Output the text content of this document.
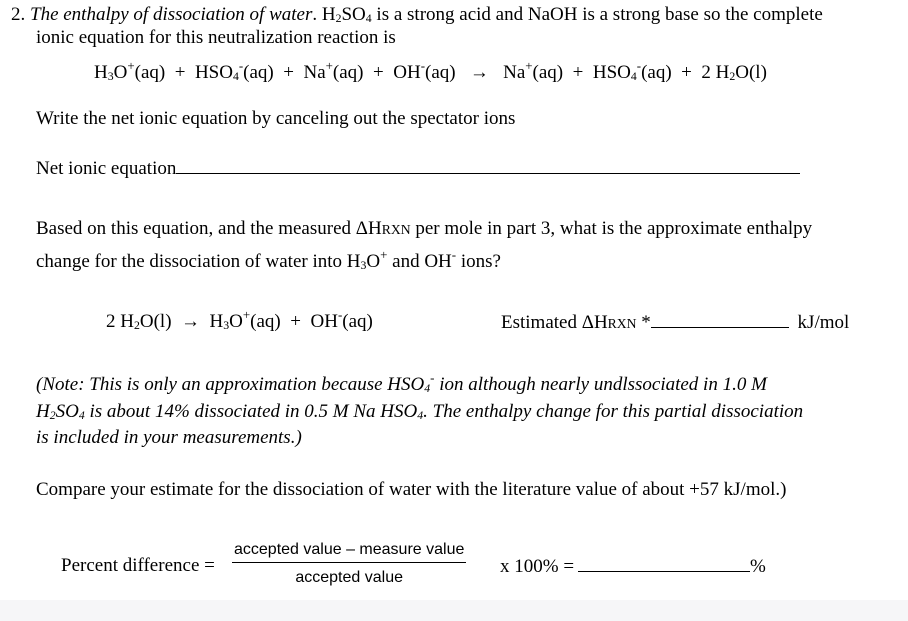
2. The enthalpy of dissociation of water. $H_2SO_4$ is a strong acid and NaOH is a strong base so the complete
ionic equation for this neutralization reaction is
$H_3O^+(aq) + HSO_4^-(aq) + Na^+(aq) + OH^-(aq) \to Na^+(aq) + HSO_4^-(aq) + 2$ $H_2O(l)$
Write the net ionic equation by canceling out the spectator ions
Net ionic equation
Based on this equation, and the measured ΔHRXN per mole in part 3, what is the approximate enthalpy
change for the dissociation of water into $H_3O^+$ and OH- ions?
2 $H_2O(l) \to H_3O^+(aq) + OH^-(aq)$	Estimated ΔHRXN *	kJ/mol
(Note: This is only an approximation because $HSO_4^-$ ion although nearly undlssociated in 1.0 M
$H_2SO_4$ is about 14% dissociated in 0.5 M Na $HSO_4$. The enthalpy change for this partial dissociation
is included in your measurements.)
Compare your estimate for the dissociation of water with the literature value of about +57 kJ/mol.)
Percent difference =
accepted value – measure value
accepted value
x 100% =	%
